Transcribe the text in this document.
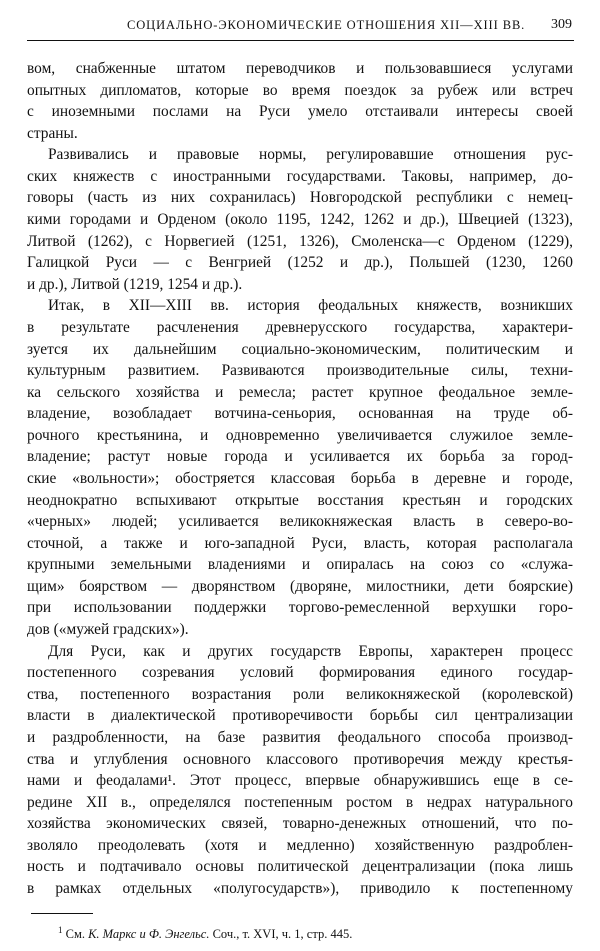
СОЦИАЛЬНО-ЭКОНОМИЧЕСКИЕ ОТНОШЕНИЯ XII—XIII ВВ. 309
вом, снабженные штатом переводчиков и пользовавшиеся услугами
опытных дипломатов, которые во время поездок за рубеж или встреч
с иноземными послами на Руси умело отстаивали интересы своей
страны.
Развивались и правовые нормы, регулировавшие отношения рус-
ских княжеств с иностранными государствами. Таковы, например, до-
говоры (часть из них сохранилась) Новгородской республики с немец-
кими городами и Орденом (около 1195, 1242, 1262 и др.), Швецией (1323),
Литвой (1262), с Норвегией (1251, 1326), Смоленска—с Орденом (1229),
Галицкой Руси — с Венгрией (1252 и др.), Польшей (1230, 1260
и др.), Литвой (1219, 1254 и др.).
Итак, в XII—XIII вв. история феодальных княжеств, возникших
в результате расчленения древнерусского государства, характери-
зуется их дальнейшим социально-экономическим, политическим и
культурным развитием. Развиваются производительные силы, техни-
ка сельского хозяйства и ремесла; растет крупное феодальное земле-
владение, возобладает вотчина-сеньория, основанная на труде об-
рочного крестьянина, и одновременно увеличивается служилое земле-
владение; растут новые города и усиливается их борьба за город-
ские «вольности»; обостряется классовая борьба в деревне и городе,
неоднократно вспыхивают открытые восстания крестьян и городских
«черных» людей; усиливается великокняжеская власть в северо-во-
сточной, а также и юго-западной Руси, власть, которая располагала
крупными земельными владениями и опиралась на союз со «служа-
щим» боярством — дворянством (дворяне, милостники, дети боярские)
при использовании поддержки торгово-ремесленной верхушки горо-
дов («мужей градских»).
Для Руси, как и других государств Европы, характерен процесс
постепенного созревания условий формирования единого государ-
ства, постепенного возрастания роли великокняжеской (королевской)
власти в диалектической противоречивости борьбы сил централизации
и раздробленности, на базе развития феодального способа производ-
ства и углубления основного классового противоречия между крестья-
нами и феодалами¹. Этот процесс, впервые обнаружившись еще в се-
редине XII в., определялся постепенным ростом в недрах натурального
хозяйства экономических связей, товарно-денежных отношений, что по-
зволяло преодолевать (хотя и медленно) хозяйственную раздроблен-
ность и подтачивало основы политической децентрализации (пока лишь
в рамках отдельных «полугосударств»), приводило к постепенному
$^1$ См. К. Маркс и Ф. Энгельс. Соч., т. XVI, ч. 1, стр. 445.
